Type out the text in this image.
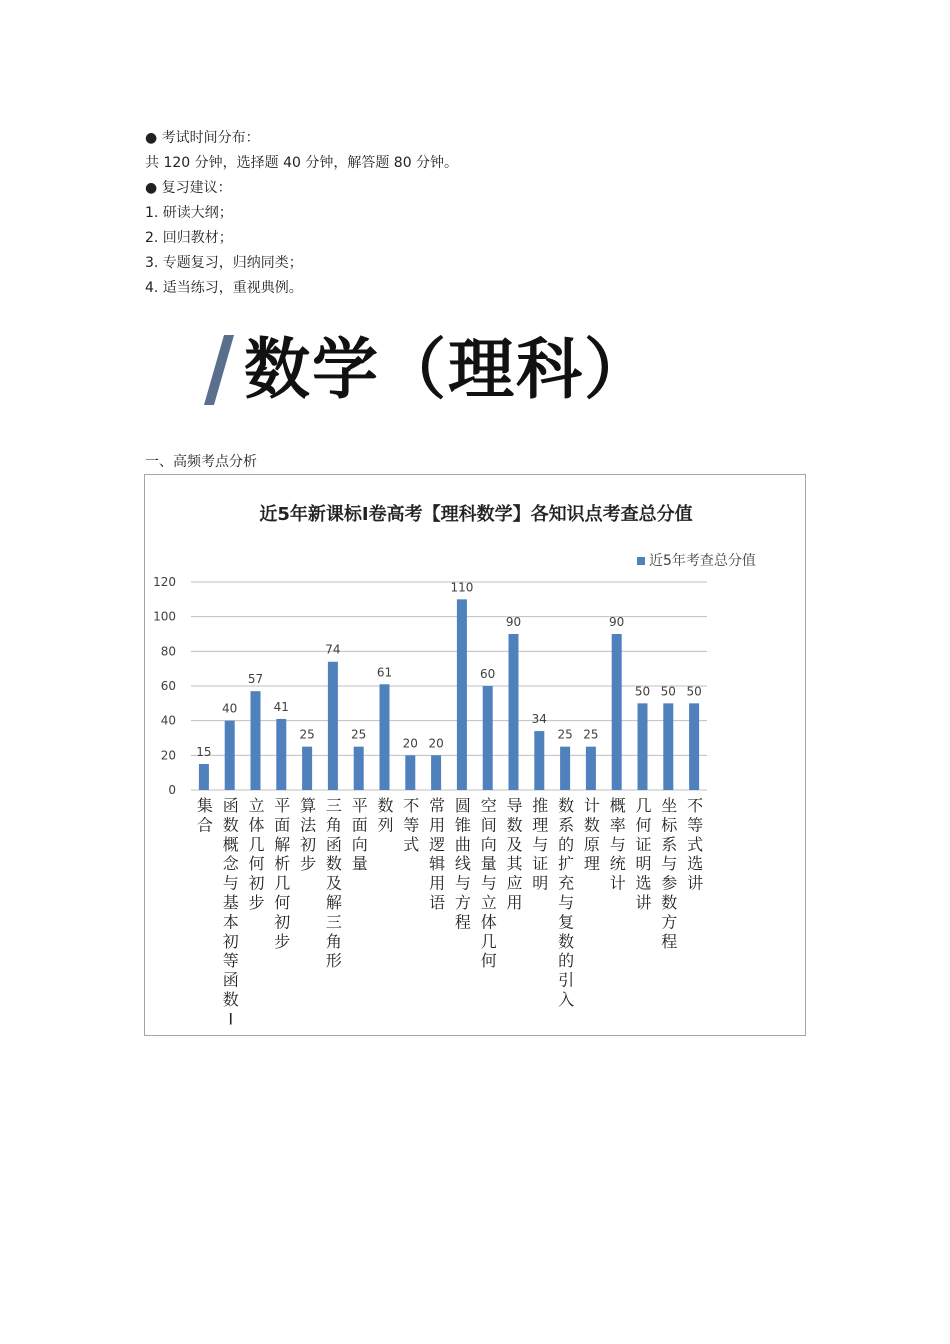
● 考试时间分布：
共 120 分钟，选择题 40 分钟，解答题 80 分钟。
● 复习建议：
1. 研读大纲；
2. 回归教材；
3. 专题复习，归纳同类；
4. 适当练习，重视典例。
数学（理科）
一、高频考点分析
近5年新课标I卷高考【理科数学】各知识点考查总分值
0
20
40
60
80
100
120
近5年考查总分值
15
40
57
41
25
74
25
61
20 20
110
60
90
34
25 25
90
50 50 50
集合
函数概念与基本初等函数 Ⅰ
立体几何初步
平面解析几何初步
算法初步
三角函数及解三角形
平面向量
数列
不等式
常用逻辑用语
圆锥曲线与方程
空间向量与立体几何
导数及其应用
推理与证明
数系的扩充与复数的引入
计数原理
概率与统计
几何证明选讲
坐标系与参数方程
不等式选讲
